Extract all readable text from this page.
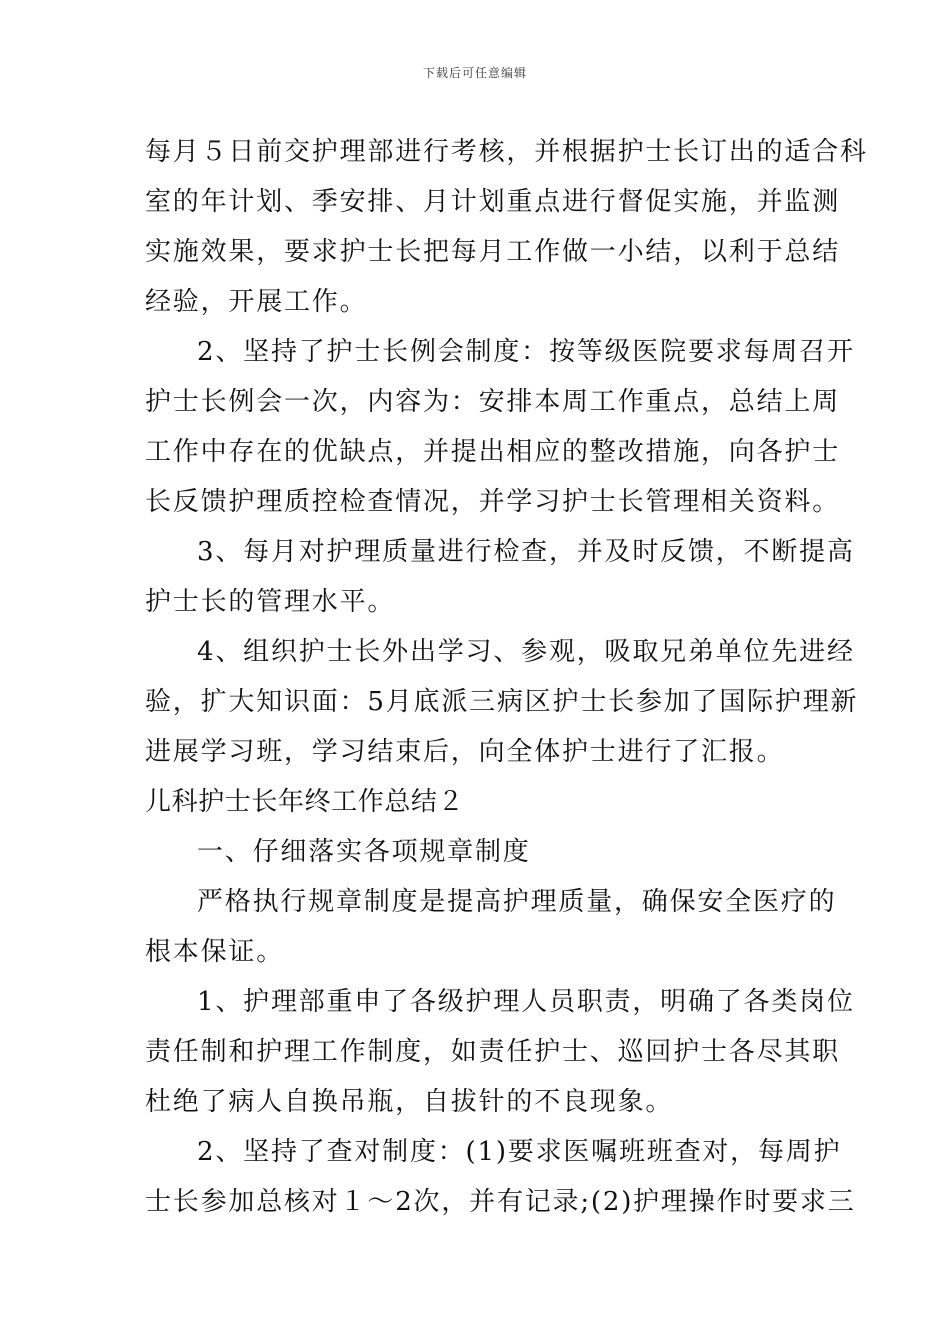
下载后可任意编辑
每月５日前交护理部进行考核，并根据护士长订出的适合科
室的年计划、季安排、月计划重点进行督促实施，并监测
实施效果，要求护士长把每月工作做一小结，以利于总结
经验，开展工作。
2、坚持了护士长例会制度：按等级医院要求每周召开
护士长例会一次，内容为：安排本周工作重点，总结上周
工作中存在的优缺点，并提出相应的整改措施，向各护士
长反馈护理质控检查情况，并学习护士长管理相关资料。
3、每月对护理质量进行检查，并及时反馈，不断提高
护士长的管理水平。
4、组织护士长外出学习、参观，吸取兄弟单位先进经
验，扩大知识面：5月底派三病区护士长参加了国际护理新
进展学习班，学习结束后，向全体护士进行了汇报。
儿科护士长年终工作总结２
一、仔细落实各项规章制度
严格执行规章制度是提高护理质量，确保安全医疗的
根本保证。
1、护理部重申了各级护理人员职责，明确了各类岗位
责任制和护理工作制度，如责任护士、巡回护士各尽其职
杜绝了病人自换吊瓶，自拔针的不良现象。
2、坚持了查对制度：(1)要求医嘱班班查对，每周护
士长参加总核对１～2次，并有记录;(2)护理操作时要求三
